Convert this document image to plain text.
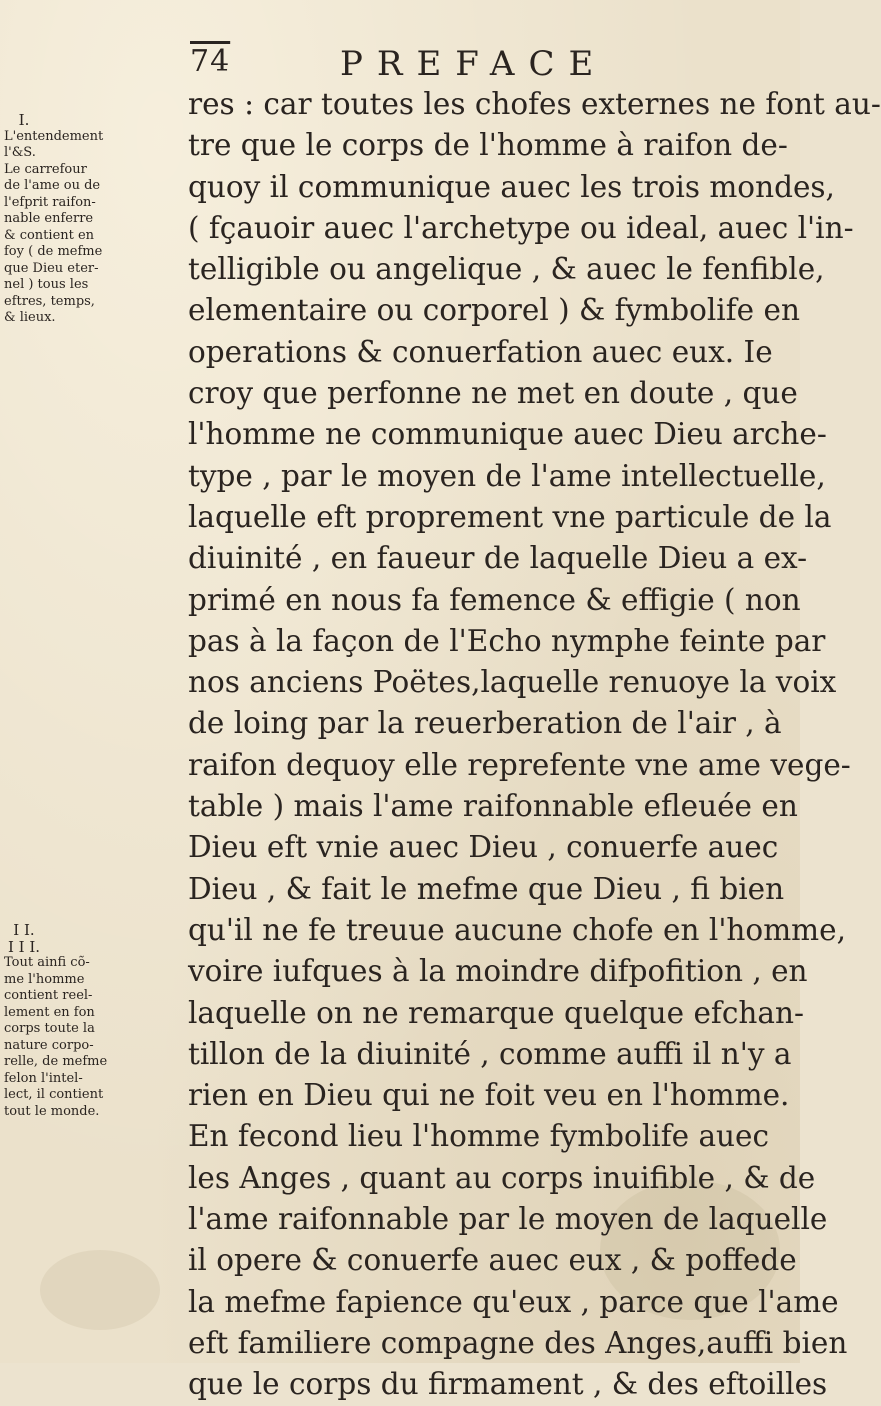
74	PREFACE
I.
L'entendement
l'&S.
Le carrefour
de l'ame ou de
l'efprit raifon-
nable enferre
& contient en
foy ( de mefme
que Dieu eter-
nel ) tous les
eftres, temps,
& lieux.
I I.
I I I.
Tout ainfi cõ-
me l'homme
contient reel-
lement en fon
corps toute la
nature corpo-
relle, de mefme
felon l'intel-
lect, il contient
tout le monde.
res : car toutes les chofes externes ne font au-
tre que le corps de l'homme à raifon de-
quoy il communique auec les trois mondes,
( fçauoir auec l'archetype ou ideal, auec l'in-
telligible ou angelique , & auec le fenfible,
elementaire ou corporel ) & fymbolife en
operations & conuerfation auec eux. Ie
croy que perfonne ne met en doute , que
l'homme ne communique auec Dieu arche-
type , par le moyen de l'ame intellectuelle,
laquelle eft proprement vne particule de la
diuinité , en faueur de laquelle Dieu a ex-
primé en nous fa femence & effigie ( non
pas à la façon de l'Echo nymphe feinte par
nos anciens Poëtes,laquelle renuoye la voix
de loing par la reuerberation de l'air , à
raifon dequoy elle reprefente vne ame vege-
table ) mais l'ame raifonnable efleuée en
Dieu eft vnie auec Dieu , conuerfe auec
Dieu , & fait le mefme que Dieu , fi bien
qu'il ne fe treuue aucune chofe en l'homme,
voire iufques à la moindre difpofition , en
laquelle on ne remarque quelque efchan-
tillon de la diuinité , comme auffi il n'y a
rien en Dieu qui ne foit veu en l'homme.
En fecond lieu l'homme fymbolife auec
les Anges , quant au corps inuifible , & de
l'ame raifonnable par le moyen de laquelle
il opere & conuerfe auec eux , & poffede
la mefme fapience qu'eux , parce que l'ame
eft familiere compagne des Anges,auffi bien
que le corps du firmament , & des eftoilles
